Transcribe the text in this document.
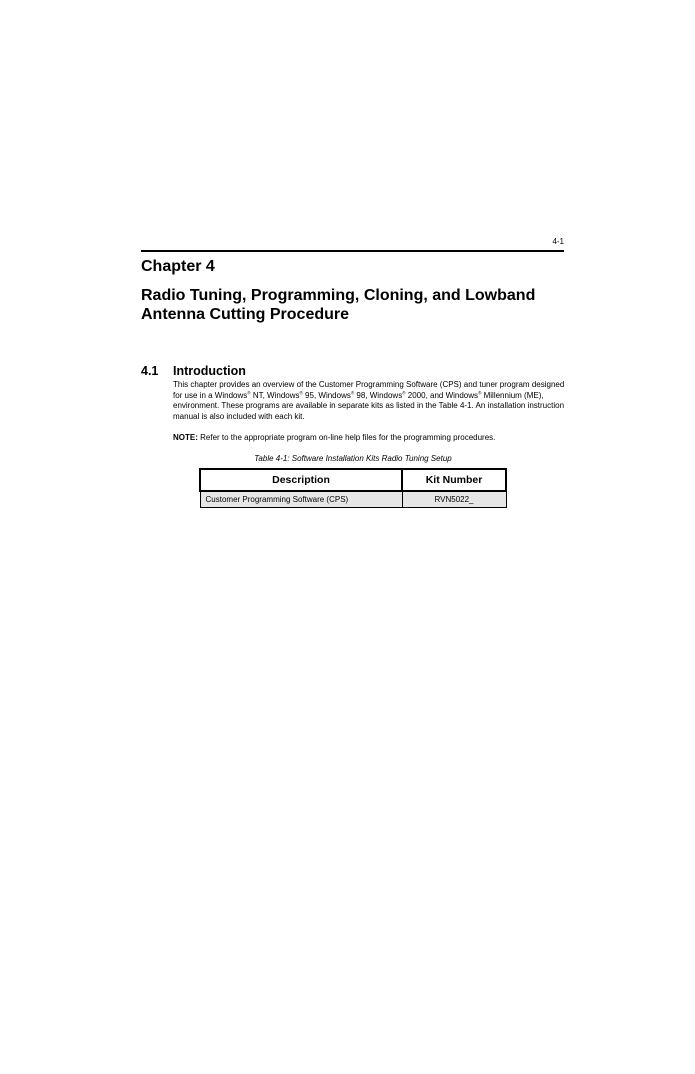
4-1
Chapter 4
Radio Tuning, Programming, Cloning, and Lowband Antenna Cutting Procedure
4.1 Introduction
This chapter provides an overview of the Customer Programming Software (CPS) and tuner program designed for use in a Windows® NT, Windows® 95, Windows® 98, Windows® 2000, and Windows® Millennium (ME), environment. These programs are available in separate kits as listed in the Table 4-1. An installation instruction manual is also included with each kit.
NOTE: Refer to the appropriate program on-line help files for the programming procedures.
Table 4-1: Software Installation Kits Radio Tuning Setup
Description	Kit Number
Customer Programming Software (CPS)	RVN5022_
